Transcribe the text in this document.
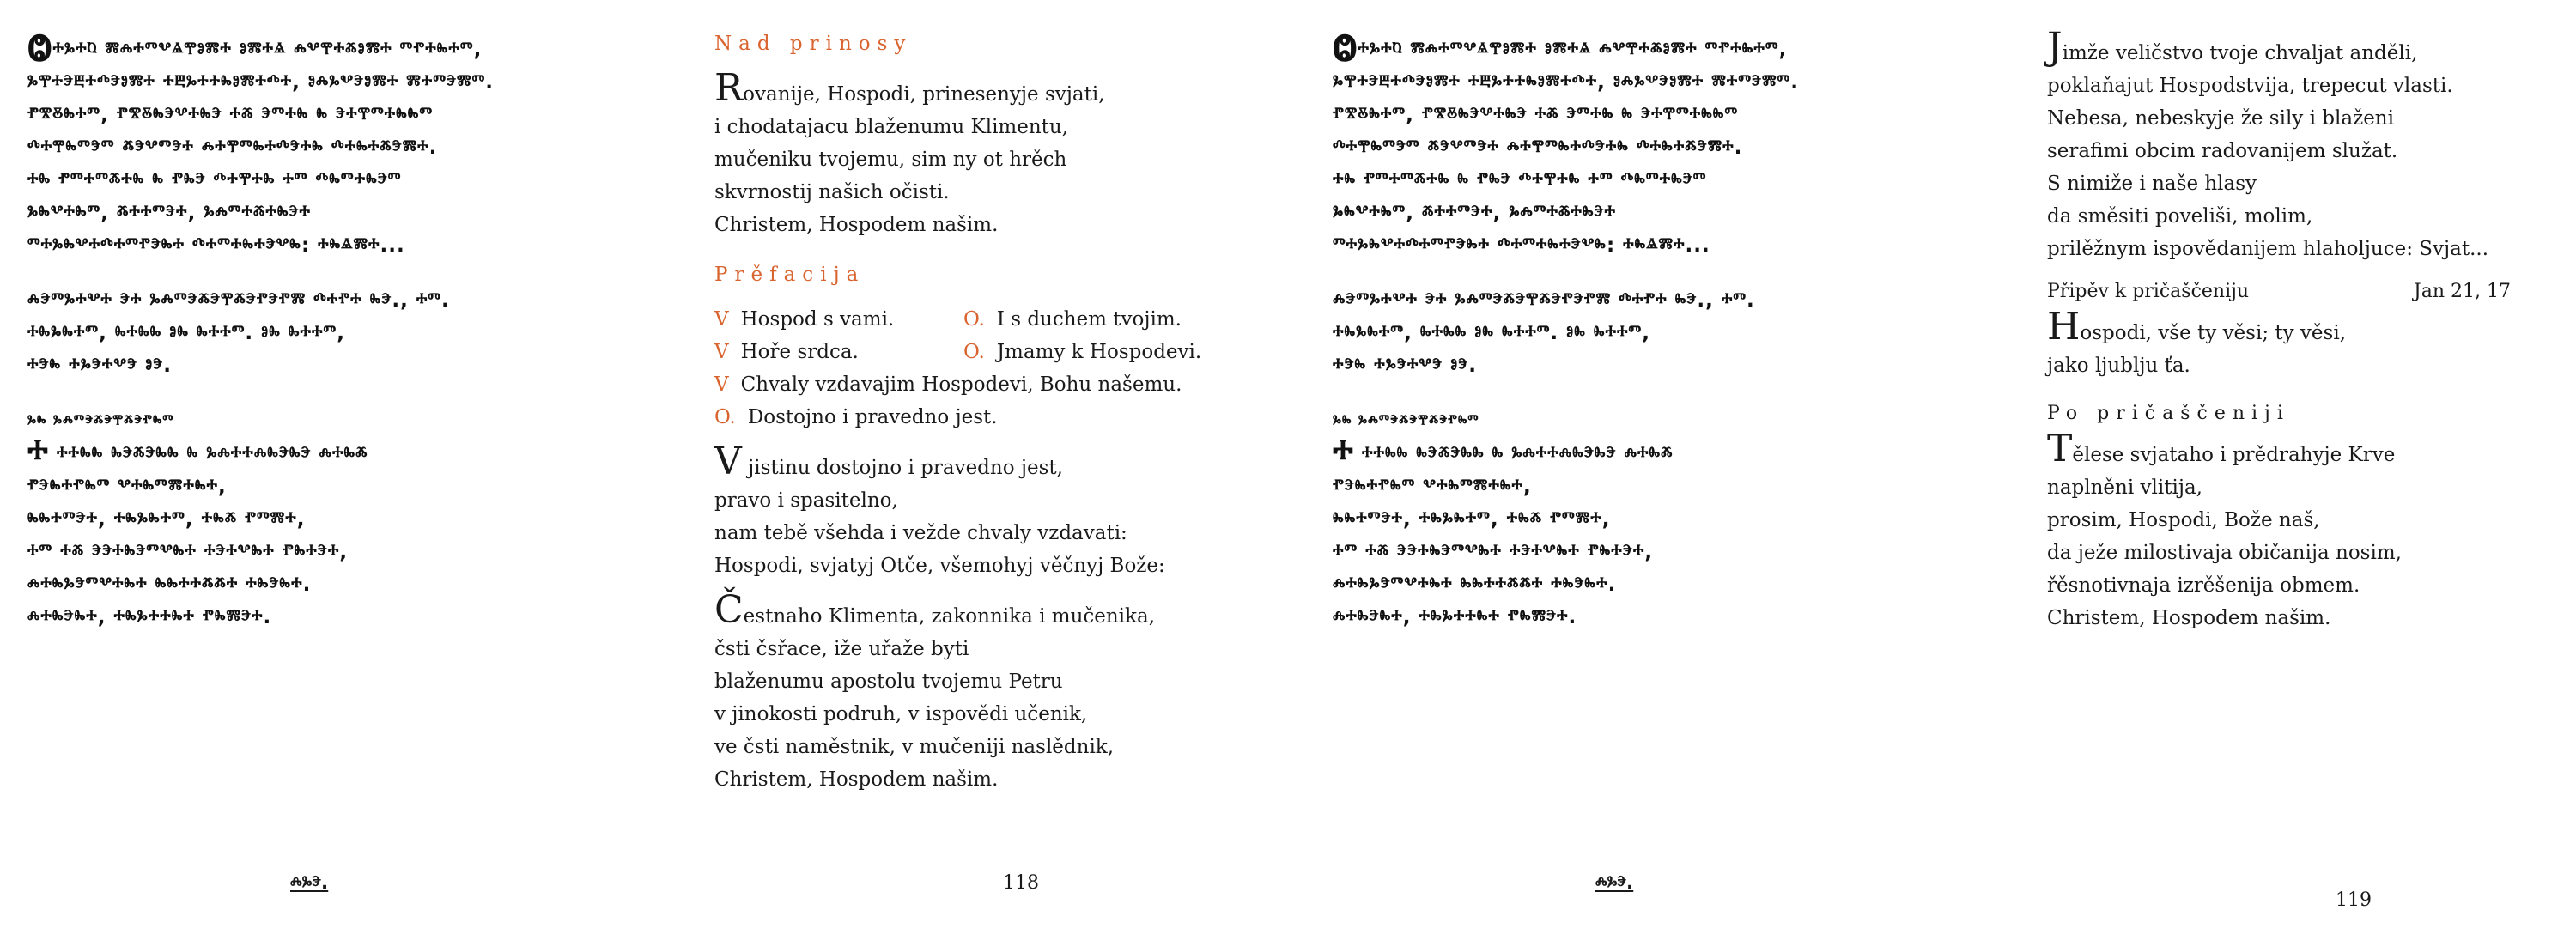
Ⱉⰰⰳⰰⱒ ⰿⰾⰰⱅⰲⱑⰹⱁⰿⰰ ⱁⰿⰰⱑ ⰾⰲⰹⰰⰶⱁⰿⰰ ⱅⱂⰰⰸⰰⱅ,
ⰳⰹⰰⰵⰱⰰⰴⰵⱁⰿⰰ ⰰⰱⰳⰰⰰⰸⱁⰿⰰⰴⰰ, ⱁⰾⰳⰲⰵⱁⰿⰰ ⰿⰰⱅⰵⰿⱅ.
ⱂⰺⰻⰸⰰⱅ, ⱂⰺⰻⰸⰵⰲⰰⰸⰵ ⰰⰶ ⰵⱅⰰⰸ ⰸ ⰵⰰⰹⱅⰰⰸⰸⱅ
ⰴⰰⰹⰸⱅⰵⱅ ⰶⰵⰲⱅⰵⰰ ⰾⰰⰹⱅⰸⰰⰴⰵⰰⰸ ⰴⰰⰸⰰⰶⰵⰿⰰ.
ⰰⰸ ⱂⱅⰰⱅⰶⰰⰸ ⰸ ⱂⰸⰵ ⰴⰰⰹⰰⰸ ⰰⱅ ⰴⰸⱅⰰⰸⰵⱅ
ⰳⰸⰲⰰⰸⱅ, ⰶⰰⰰⱅⰵⰰ, ⰳⰾⱅⰰⰶⰰⰸⰵⰰ
ⱅⰰⰳⰸⰲⰰⰴⰰⱅⱂⰵⰸⰰ ⰴⰰⱅⰰⰸⰰⰵⰲⰸ: ⰰⰸⱑⰿⰰ...
ⰾⰵⱅⰳⰰⰲⰰ ⰵⰰ ⰳⰾⱅⰵⰶⰵⰹⰶⰵⱂⰵⱂⰿ ⰴⰰⱂⰰ ⰸⰵ., ⰰⱅ.
ⰰⰸⰳⰸⰰⱅ, ⰸⰰⰸⰸ ⱁⰸ ⰸⰰⰰⱅ. ⱁⰸ ⰸⰰⰰⱅ,
ⰰⰵⰸ ⰰⰳⰵⰰⰲⰵ ⱁⰵ.
ⰳⰸ ⰳⰾⱅⰵⰶⰵⰹⰶⰵⱂⰸⱅ
ⰰ ⰰⰰⰸⰸ ⰸⰵⰶⰵⰸⰸ ⰸ ⰳⰾⰰⰰⰾⰸⰵⰸⰵ ⰾⰰⰸⰶ
ⱂⰵⰸⰰⱂⰸⱅ ⰲⰰⰸⱅⰿⰰⰸⰰ,
ⰸⰸⰰⱅⰵⰰ, ⰰⰸⰳⰸⰰⱅ, ⰰⰸⰶ ⱂⱅⰿⰰ,
ⰰⱅ ⰰⰶ ⰵⰵⰰⰸⰵⱅⰲⰸⰰ ⰰⰵⰰⰲⰸⰰ ⱂⰸⰰⰵⰰ,
ⰾⰰⰸⰳⰵⱅⰲⰰⰸⰰ ⰸⰸⰰⰰⰶⰶⰰ ⰰⰸⰵⰸⰰ.
ⰾⰰⰸⰵⰸⰰ, ⰰⰸⰳⰰⰰⰸⰰ ⱂⰸⰿⰵⰰ.
ⰾⰳⰵ.
Nad prinosy
Rovanije, Hospodi, prinesenyje svjati,
i chodatajacu blaženumu Klimentu,
mučeniku tvojemu, sim ny ot hrěch
skvrnostij našich očisti.
Christem, Hospodem našim.
Prěfacija
V Hospod s vami.	O. I s duchem tvojim.
V Hoře srdca.	O. Jmamy k Hospodevi.
V Chvaly vzdavajim Hospodevi, Bohu našemu.
O. Dostojno i pravedno jest.
V jistinu dostojno i pravedno jest,
pravo i spasitelno,
nam tebě všehda i vežde chvaly vzdavati:
Hospodi, svjatyj Otče, všemohyj věčnyj Bože:
Čestnaho Klimenta, zakonnika i mučenika,
čsti čsřace, iže uřaže byti
blaženumu apostolu tvojemu Petru
v jinokosti podruh, v ispovědi učenik,
ve čsti naměstnik, v mučeniji naslědnik,
Christem, Hospodem našim.
118
Ⱉⰰⰳⰰⱒ ⰿⰾⰰⱅⰲⱑⰹⱁⰿⰰ ⱁⰿⰰⱑ ⰾⰲⰹⰰⰶⱁⰿⰰ ⱅⱂⰰⰸⰰⱅ,
ⰳⰹⰰⰵⰱⰰⰴⰵⱁⰿⰰ ⰰⰱⰳⰰⰰⰸⱁⰿⰰⰴⰰ, ⱁⰾⰳⰲⰵⱁⰿⰰ ⰿⰰⱅⰵⰿⱅ.
ⱂⰺⰻⰸⰰⱅ, ⱂⰺⰻⰸⰵⰲⰰⰸⰵ ⰰⰶ ⰵⱅⰰⰸ ⰸ ⰵⰰⰹⱅⰰⰸⰸⱅ
ⰴⰰⰹⰸⱅⰵⱅ ⰶⰵⰲⱅⰵⰰ ⰾⰰⰹⱅⰸⰰⰴⰵⰰⰸ ⰴⰰⰸⰰⰶⰵⰿⰰ.
ⰰⰸ ⱂⱅⰰⱅⰶⰰⰸ ⰸ ⱂⰸⰵ ⰴⰰⰹⰰⰸ ⰰⱅ ⰴⰸⱅⰰⰸⰵⱅ
ⰳⰸⰲⰰⰸⱅ, ⰶⰰⰰⱅⰵⰰ, ⰳⰾⱅⰰⰶⰰⰸⰵⰰ
ⱅⰰⰳⰸⰲⰰⰴⰰⱅⱂⰵⰸⰰ ⰴⰰⱅⰰⰸⰰⰵⰲⰸ: ⰰⰸⱑⰿⰰ...
ⰾⰵⱅⰳⰰⰲⰰ ⰵⰰ ⰳⰾⱅⰵⰶⰵⰹⰶⰵⱂⰵⱂⰿ ⰴⰰⱂⰰ ⰸⰵ., ⰰⱅ.
ⰰⰸⰳⰸⰰⱅ, ⰸⰰⰸⰸ ⱁⰸ ⰸⰰⰰⱅ. ⱁⰸ ⰸⰰⰰⱅ,
ⰰⰵⰸ ⰰⰳⰵⰰⰲⰵ ⱁⰵ.
ⰳⰸ ⰳⰾⱅⰵⰶⰵⰹⰶⰵⱂⰸⱅ
ⰰ ⰰⰰⰸⰸ ⰸⰵⰶⰵⰸⰸ ⰸ ⰳⰾⰰⰰⰾⰸⰵⰸⰵ ⰾⰰⰸⰶ
ⱂⰵⰸⰰⱂⰸⱅ ⰲⰰⰸⱅⰿⰰⰸⰰ,
ⰸⰸⰰⱅⰵⰰ, ⰰⰸⰳⰸⰰⱅ, ⰰⰸⰶ ⱂⱅⰿⰰ,
ⰰⱅ ⰰⰶ ⰵⰵⰰⰸⰵⱅⰲⰸⰰ ⰰⰵⰰⰲⰸⰰ ⱂⰸⰰⰵⰰ,
ⰾⰰⰸⰳⰵⱅⰲⰰⰸⰰ ⰸⰸⰰⰰⰶⰶⰰ ⰰⰸⰵⰸⰰ.
ⰾⰰⰸⰵⰸⰰ, ⰰⰸⰳⰰⰰⰸⰰ ⱂⰸⰿⰵⰰ.
ⰾⰳⰵ.
Jimže veličstvo tvoje chvaljat anděli,
poklaňajut Hospodstvija, trepecut vlasti.
Nebesa, nebeskyje že sily i blaženi
serafimi obcim radovanijem služat.
S nimiže i naše hlasy
da směsiti poveliši, molim,
prilěžnym ispovědanijem hlaholjuce: Svjat...
Připěv k pričaščeniju	Jan 21, 17
Hospodi, vše ty věsi; ty věsi,
jako ljublju ťa.
Po pričaščeniji
Tělese svjataho i prědrahyje Krve
naplněni vlitija,
prosim, Hospodi, Bože naš,
da ježe milostivaja običanija nosim,
řěsnotivnaja izrěšenija obmem.
Christem, Hospodem našim.
119
